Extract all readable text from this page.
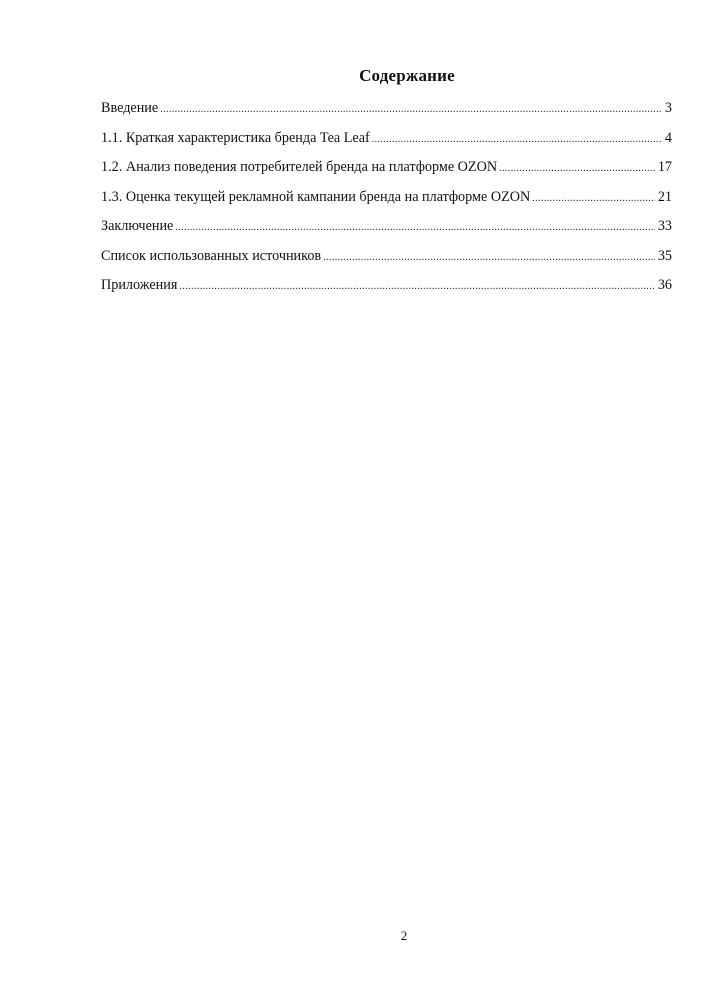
Содержание
Введение .....	3
1.1. Краткая характеристика бренда Tea Leaf .....	4
1.2. Анализ поведения потребителей бренда на платформе OZON .....	17
1.3. Оценка текущей рекламной кампании бренда на платформе OZON .....	21
Заключение .....	33
Список использованных источников .....	35
Приложения .....	36
2
